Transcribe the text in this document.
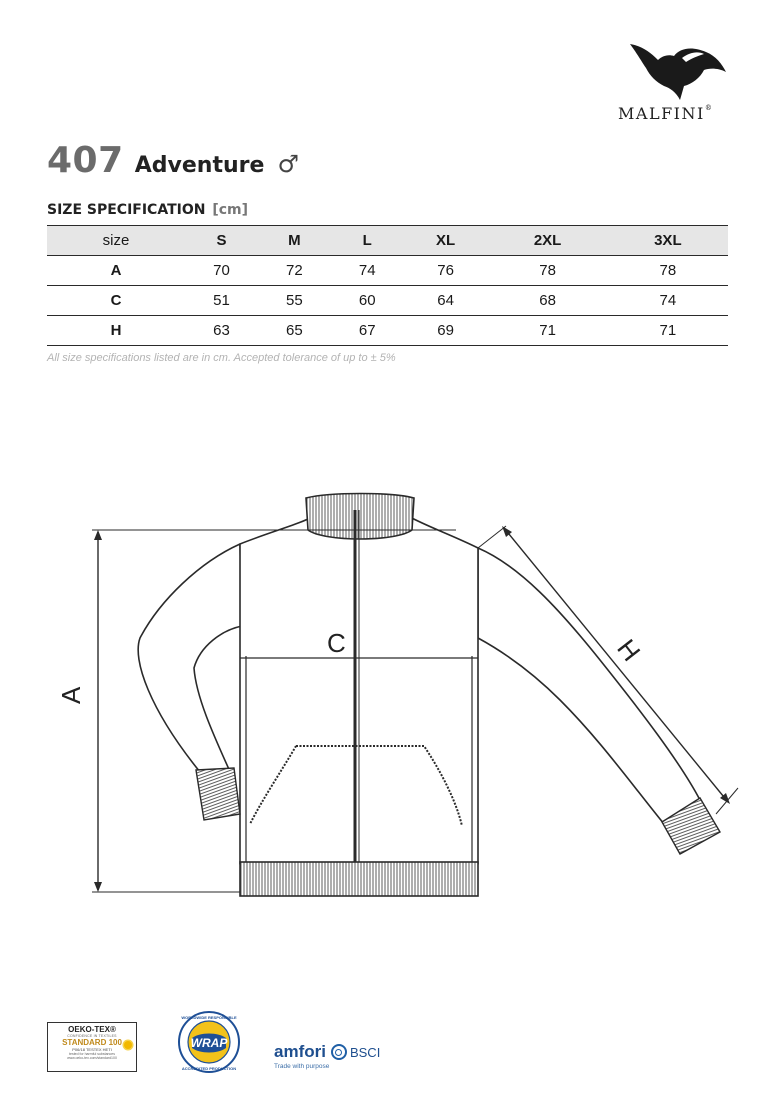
MALFINI®
407 Adventure ♂
SIZE SPECIFICATION [cm]
size	S	M	L	XL	2XL	3XL
A	70	72	74	76	78	78
C	51	55	60	64	68	74
H	63	65	67	69	71	71
All size specifications listed are in cm. Accepted tolerance of up to ± 5%
C
A
H
OEKO-TEX®
CONFIDENCE IN TEXTILES
STANDARD 100
P06/18 TESTEX HETI
tested for harmful substances
www.oeko-tex.com/standard100
WRAP
WORLDWIDE RESPONSIBLE
ACCREDITED PRODUCTION
amfori BSCI
Trade with purpose
